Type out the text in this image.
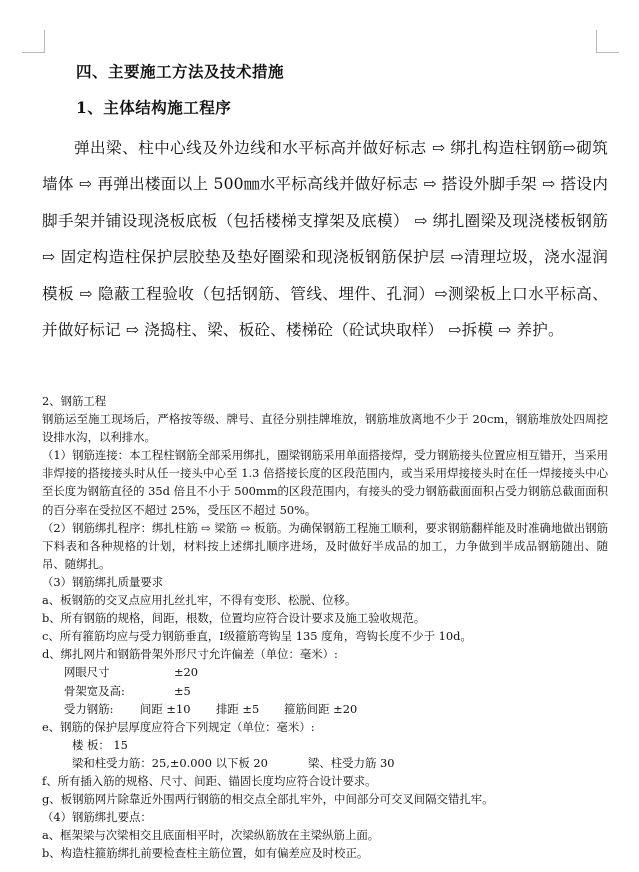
四、主要施工方法及技术措施
1、主体结构施工程序
弹出梁、柱中心线及外边线和水平标高并做好标志 ⇨ 绑扎构造柱钢筋⇨砌筑墙体 ⇨ 再弹出楼面以上 500㎜水平标高线并做好标志 ⇨ 搭设外脚手架 ⇨ 搭设内脚手架并铺设现浇板底板（包括楼梯支撑架及底模） ⇨ 绑扎圈梁及现浇楼板钢筋 ⇨ 固定构造柱保护层胶垫及垫好圈梁和现浇板钢筋保护层 ⇨清理垃圾，浇水湿润模板 ⇨ 隐蔽工程验收（包括钢筋、管线、埋件、孔洞）⇨测梁板上口水平标高、并做好标记 ⇨ 浇捣柱、梁、板砼、楼梯砼（砼试块取样） ⇨拆模 ⇨ 养护。

2、钢筋工程

钢筋运至施工现场后，严格按等级、牌号、直径分别挂牌堆放，钢筋堆放离地不少于 20cm，钢筋堆放处四周挖设排水沟，以利排水。

（1）钢筋连接：本工程柱钢筋全部采用绑扎，圈梁钢筋采用单面搭接焊，受力钢筋接头位置应相互错开，当采用非焊接的搭接接头时从任一接头中心至 1.3 倍搭接长度的区段范围内，或当采用焊接接头时在任一焊接接头中心至长度为钢筋直径的 35d 倍且不小于 500mm的区段范围内，有接头的受力钢筋截面面积占受力钢筋总截面面积的百分率在受拉区不超过 25%，受压区不超过 50%。

（2）钢筋绑扎程序：绑扎柱筋 ⇨ 梁筋 ⇨ 板筋。为确保钢筋工程施工顺利，要求钢筋翻样能及时准确地做出钢筋下料表和各种规格的计划，材料按上述绑扎顺序进场，及时做好半成品的加工，力争做到半成品钢筋随出、随吊、随绑扎。

（3）钢筋绑扎质量要求

a、板钢筋的交叉点应用扎丝扎牢，不得有变形、松脱、位移。

b、所有钢筋的规格，间距，根数，位置均应符合设计要求及施工验收规范。

c、所有箍筋均应与受力钢筋垂直，Ⅰ级箍筋弯钩呈 135 度角，弯钩长度不少于 10d。

d、绑扎网片和钢筋骨架外形尺寸允许偏差（单位：毫米）:

网眼尺寸	±20

骨架宽及高:	±5

受力钢筋: 间距 ±10 排距 ±5 箍筋间距 ±20

e、钢筋的保护层厚度应符合下列规定（单位：毫米）:

楼 板： 15

梁和柱受力筋：25,±0.000 以下板 20	梁、柱受力筋 30

f、所有插入筋的规格、尺寸、间距、锚固长度均应符合设计要求。

g、板钢筋网片除靠近外围两行钢筋的相交点全部扎牢外，中间部分可交叉间隔交错扎牢。

（4）钢筋绑扎要点：

a、框架梁与次梁相交且底面相平时，次梁纵筋放在主梁纵筋上面。

b、构造柱箍筋绑扎前要检查柱主筋位置，如有偏差应及时校正。
